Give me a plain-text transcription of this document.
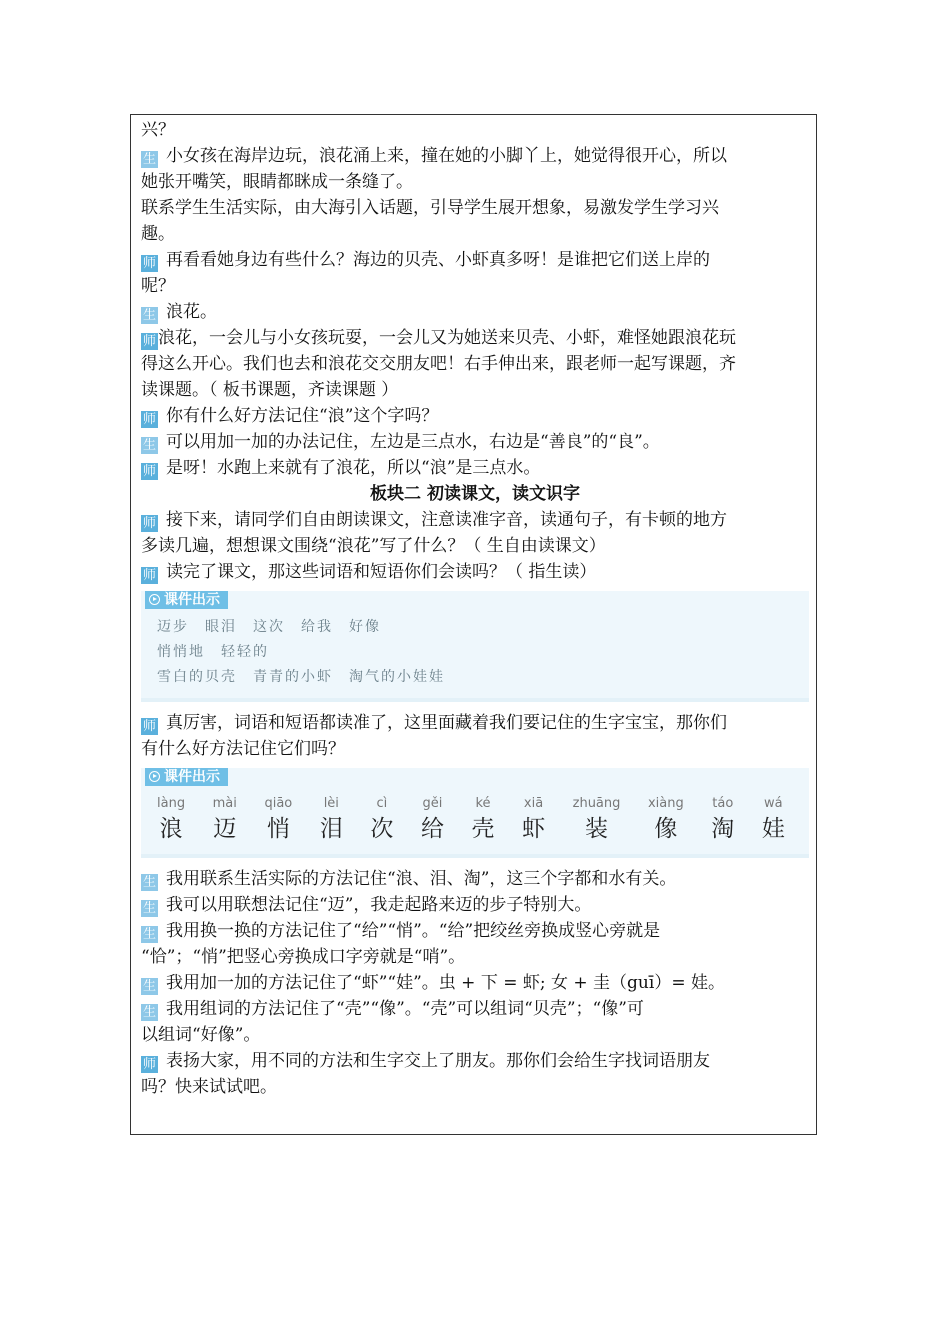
兴？
生 小女孩在海岸边玩，浪花涌上来，撞在她的小脚丫上，她觉得很开心，所以
她张开嘴笑，眼睛都眯成一条缝了。
联系学生生活实际，由大海引入话题，引导学生展开想象，易激发学生学习兴
趣。
师 再看看她身边有些什么？海边的贝壳、小虾真多呀！是谁把它们送上岸的
呢？
生 浪花。
师 浪花，一会儿与小女孩玩耍，一会儿又为她送来贝壳、小虾，难怪她跟浪花玩
得这么开心。我们也去和浪花交交朋友吧！右手伸出来，跟老师一起写课题，齐
读课题。（ 板书课题，齐读课题 ）
师 你有什么好方法记住“浪”这个字吗？
生 可以用加一加的办法记住，左边是三点水，右边是“善良”的“良”。
师 是呀！水跑上来就有了浪花，所以“浪”是三点水。
板块二 初读课文，读文识字
师 接下来，请同学们自由朗读课文，注意读准字音，读通句子，有卡顿的地方
多读几遍，想想课文围绕“浪花”写了什么？（ 生自由读课文）
师 读完了课文，那这些词语和短语你们会读吗？（ 指生读）
课件出示
迈步 眼泪 这次 给我 好像
悄悄地 轻轻的
雪白的贝壳 青青的小虾 淘气的小娃娃
师 真厉害，词语和短语都读准了，这里面藏着我们要记住的生字宝宝，那你们
有什么好方法记住它们吗？
课件出示
làng
浪
mài
迈
qiāo
悄
lèi
泪
cì
次
gěi
给
ké
壳
xiā
虾
zhuāng
装
xiàng
像
táo
淘
wá
娃
生 我用联系生活实际的方法记住“浪、泪、淘”，这三个字都和水有关。
生 我可以用联想法记住“迈”，我走起路来迈的步子特别大。
生 我用换一换的方法记住了“给”“悄”。“给”把绞丝旁换成竖心旁就是
“恰”；“悄”把竖心旁换成口字旁就是“哨”。
生 我用加一加的方法记住了“虾”“娃”。虫 + 下 = 虾; 女 + 圭（guī）= 娃。
生 我用组词的方法记住了“壳”“像”。“壳”可以组词“贝壳”；“像”可
以组词“好像”。
师 表扬大家，用不同的方法和生字交上了朋友。那你们会给生字找词语朋友
吗？快来试试吧。
